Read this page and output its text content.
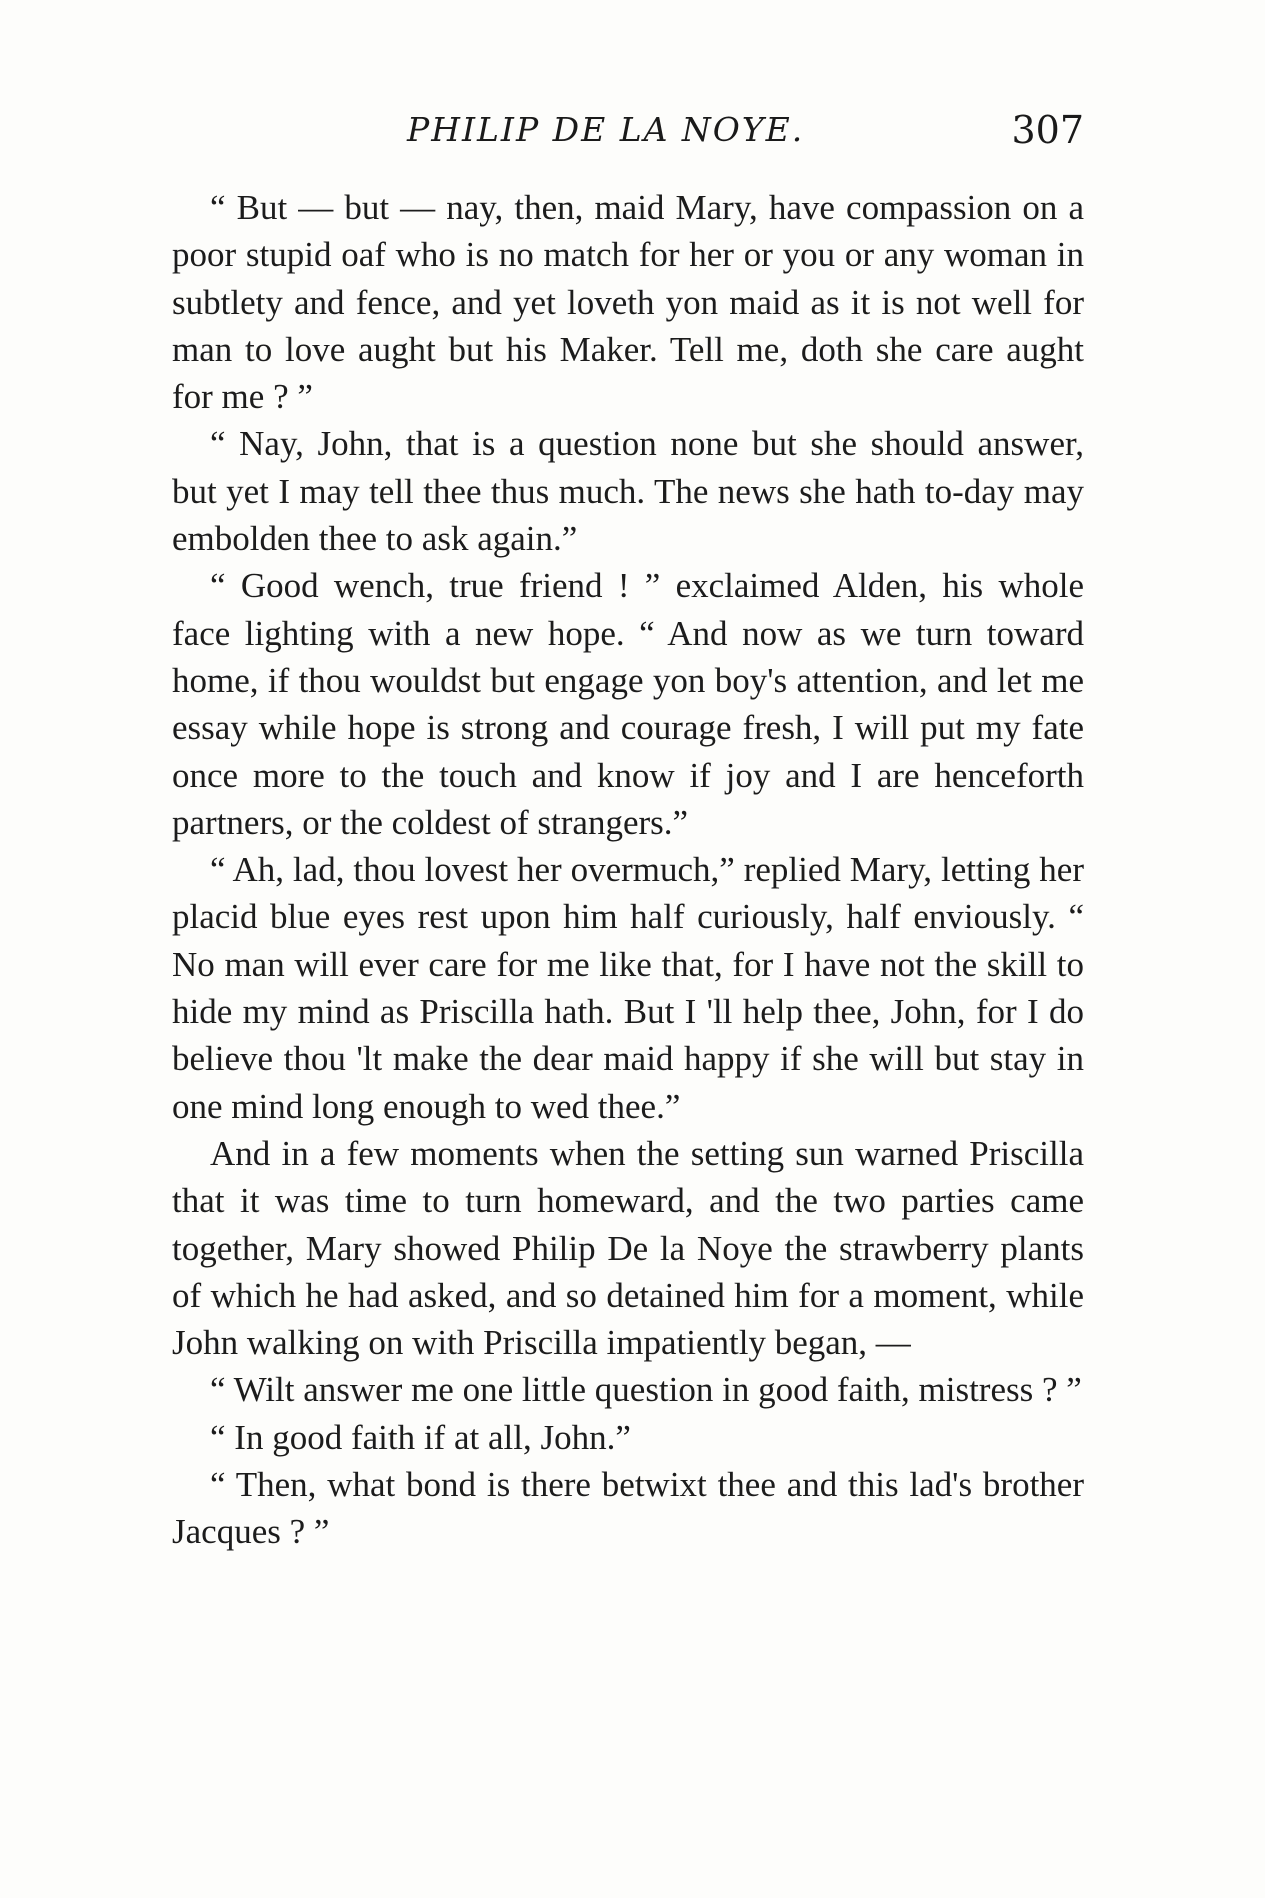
PHILIP DE LA NOYE.	307

“ But — but — nay, then, maid Mary, have compassion on a poor stupid oaf who is no match for her or you or any woman in subtlety and fence, and yet loveth yon maid as it is not well for man to love aught but his Maker. Tell me, doth she care aught for me ? ”

“ Nay, John, that is a question none but she should answer, but yet I may tell thee thus much. The news she hath to-day may embolden thee to ask again.”

“ Good wench, true friend ! ” exclaimed Alden, his whole face lighting with a new hope. “ And now as we turn toward home, if thou wouldst but engage yon boy's attention, and let me essay while hope is strong and courage fresh, I will put my fate once more to the touch and know if joy and I are henceforth partners, or the coldest of strangers.”

“ Ah, lad, thou lovest her overmuch,” replied Mary, letting her placid blue eyes rest upon him half curiously, half enviously. “ No man will ever care for me like that, for I have not the skill to hide my mind as Priscilla hath. But I 'll help thee, John, for I do believe thou 'lt make the dear maid happy if she will but stay in one mind long enough to wed thee.”

And in a few moments when the setting sun warned Priscilla that it was time to turn homeward, and the two parties came together, Mary showed Philip De la Noye the strawberry plants of which he had asked, and so detained him for a moment, while John walking on with Priscilla impatiently began, —

“ Wilt answer me one little question in good faith, mistress ? ”

“ In good faith if at all, John.”

“ Then, what bond is there betwixt thee and this lad's brother Jacques ? ”
